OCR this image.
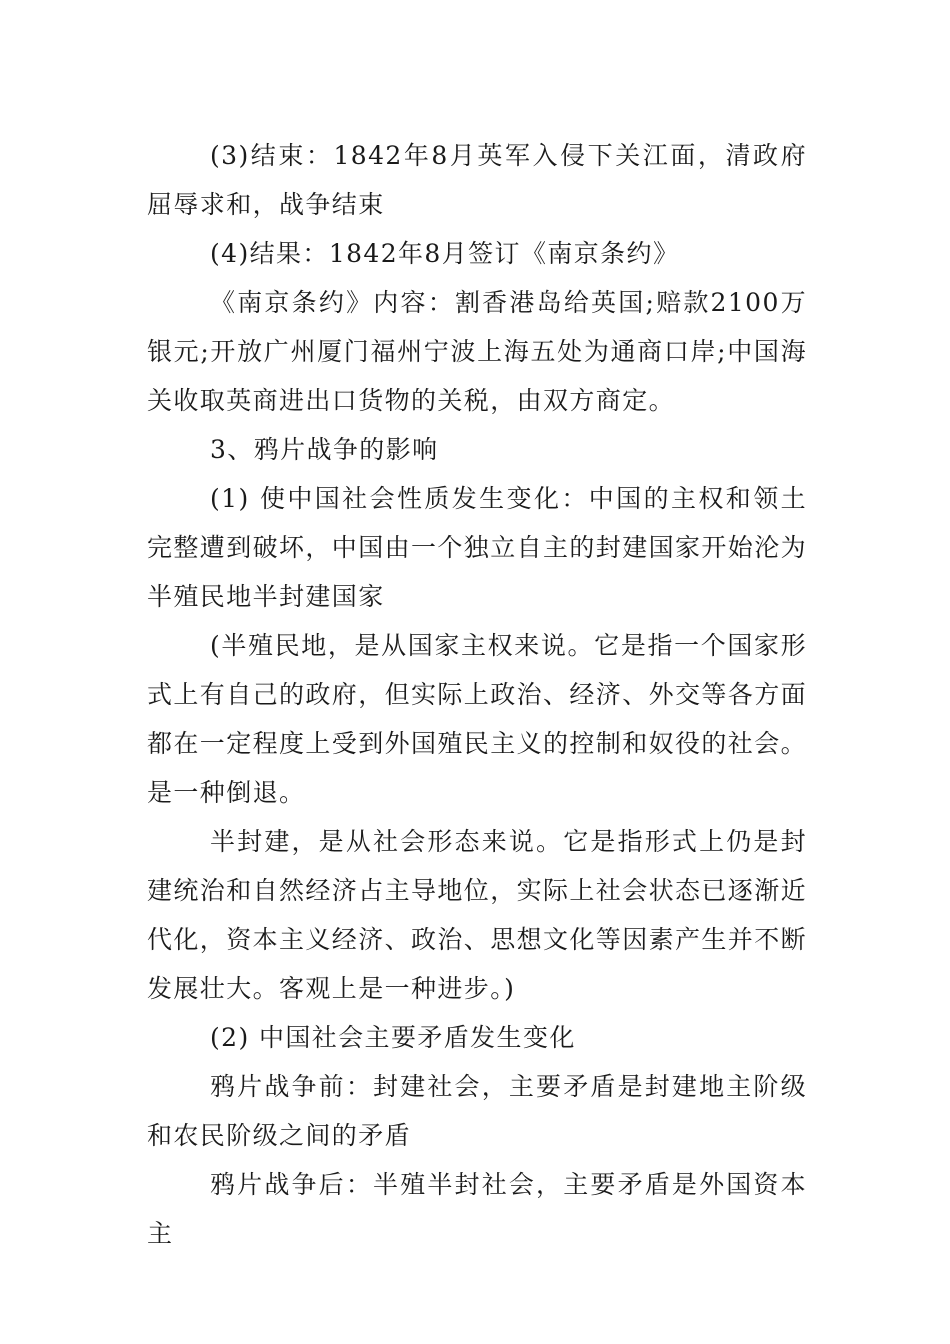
(3)结束：1842年8月英军入侵下关江面，清政府屈辱求和，战争结束

(4)结果：1842年8月签订《南京条约》

《南京条约》内容：割香港岛给英国;赔款2100万银元;开放广州厦门福州宁波上海五处为通商口岸;中国海关收取英商进出口货物的关税，由双方商定。

3、鸦片战争的影响

(1) 使中国社会性质发生变化：中国的主权和领土完整遭到破坏，中国由一个独立自主的封建国家开始沦为半殖民地半封建国家

(半殖民地，是从国家主权来说。它是指一个国家形式上有自己的政府，但实际上政治、经济、外交等各方面都在一定程度上受到外国殖民主义的控制和奴役的社会。是一种倒退。

半封建，是从社会形态来说。它是指形式上仍是封建统治和自然经济占主导地位，实际上社会状态已逐渐近代化，资本主义经济、政治、思想文化等因素产生并不断发展壮大。客观上是一种进步。)

(2) 中国社会主要矛盾发生变化

鸦片战争前：封建社会，主要矛盾是封建地主阶级和农民阶级之间的矛盾

鸦片战争后：半殖半封社会，主要矛盾是外国资本主
